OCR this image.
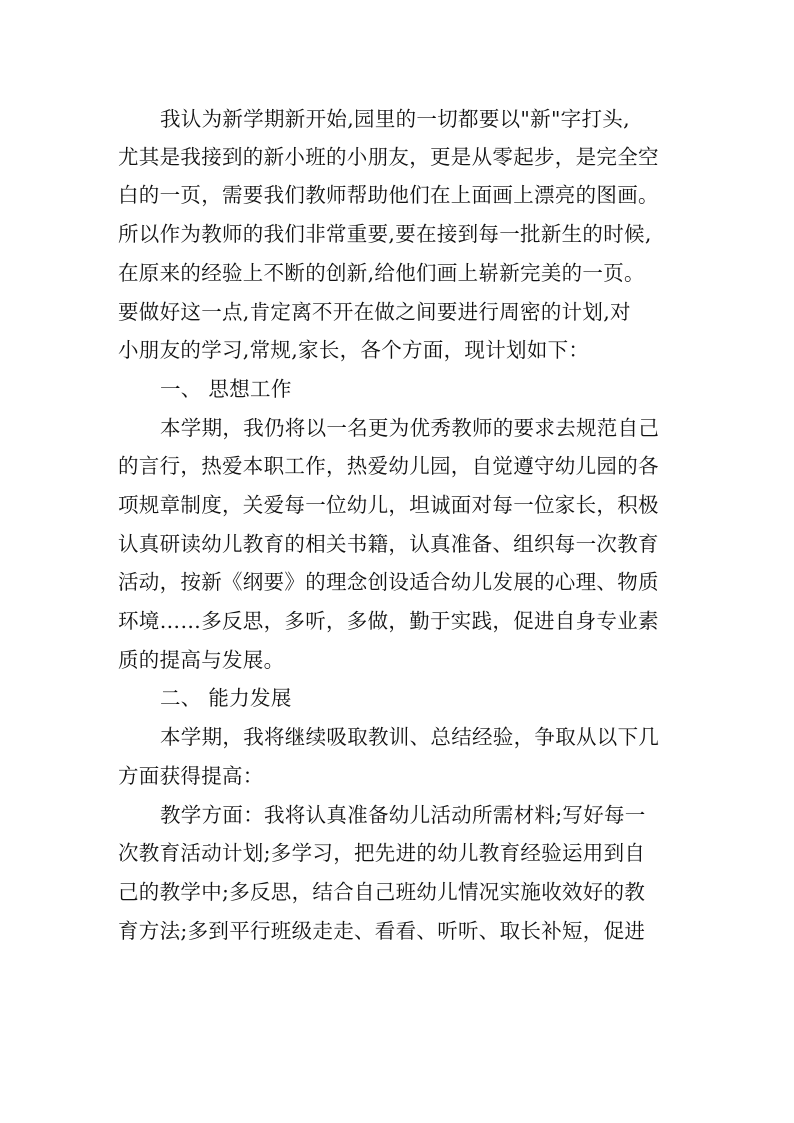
我认为新学期新开始,园里的一切都要以"新"字打头,
尤其是我接到的新小班的小朋友，更是从零起步，是完全空
白的一页，需要我们教师帮助他们在上面画上漂亮的图画。
所以作为教师的我们非常重要,要在接到每一批新生的时候,
在原来的经验上不断的创新,给他们画上崭新完美的一页。
要做好这一点,肯定离不开在做之间要进行周密的计划,对
小朋友的学习,常规,家长，各个方面，现计划如下：
一、 思想工作
本学期，我仍将以一名更为优秀教师的要求去规范自己
的言行，热爱本职工作，热爱幼儿园，自觉遵守幼儿园的各
项规章制度，关爱每一位幼儿，坦诚面对每一位家长，积极
认真研读幼儿教育的相关书籍，认真准备、组织每一次教育
活动，按新《纲要》的理念创设适合幼儿发展的心理、物质
环境……多反思，多听，多做，勤于实践，促进自身专业素
质的提高与发展。
二、 能力发展
本学期，我将继续吸取教训、总结经验，争取从以下几
方面获得提高：
教学方面：我将认真准备幼儿活动所需材料;写好每一
次教育活动计划;多学习，把先进的幼儿教育经验运用到自
己的教学中;多反思，结合自己班幼儿情况实施收效好的教
育方法;多到平行班级走走、看看、听听、取长补短，促进
